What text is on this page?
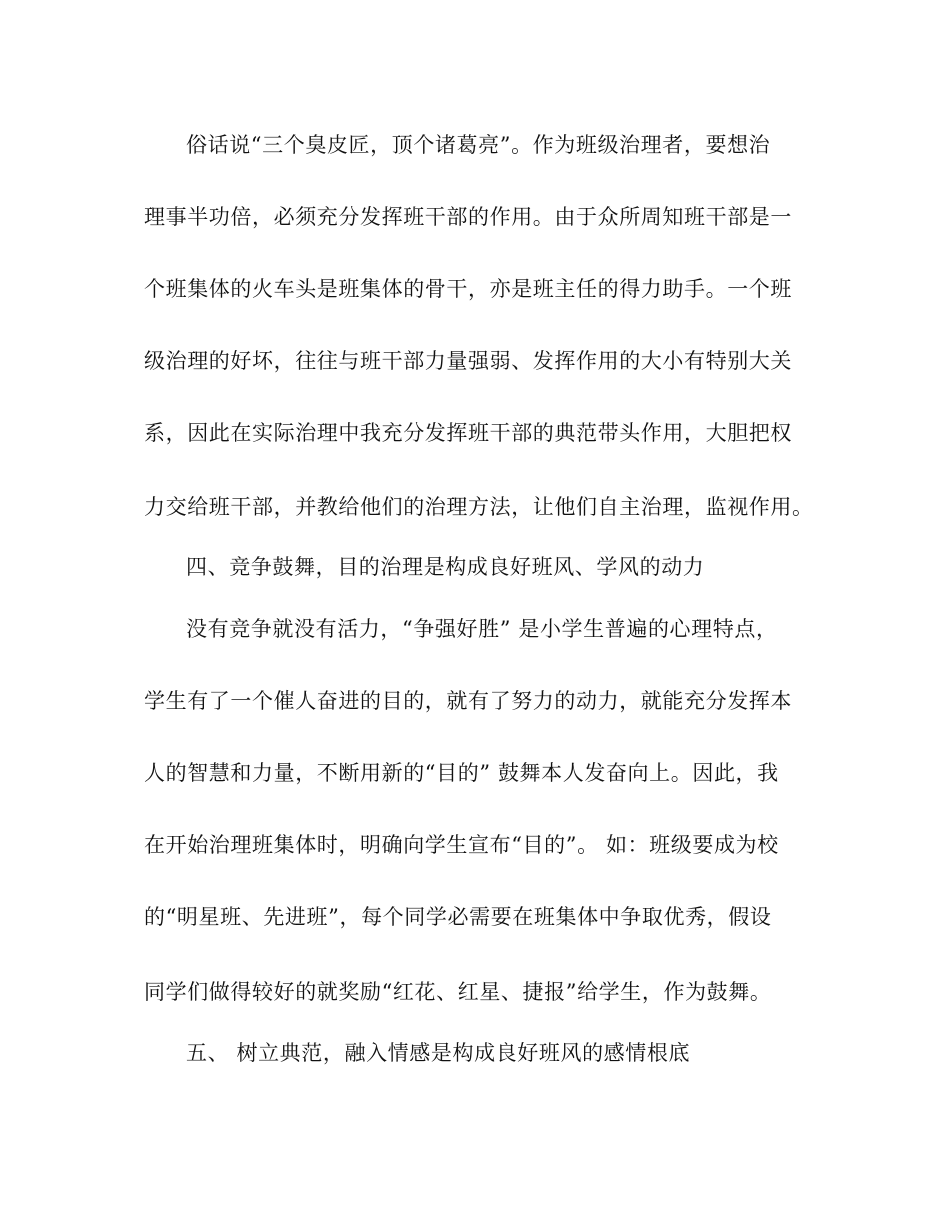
俗话说“三个臭皮匠，顶个诸葛亮”。作为班级治理者，要想治

理事半功倍，必须充分发挥班干部的作用。由于众所周知班干部是一

个班集体的火车头是班集体的骨干，亦是班主任的得力助手。一个班

级治理的好坏，往往与班干部力量强弱、发挥作用的大小有特别大关

系，因此在实际治理中我充分发挥班干部的典范带头作用，大胆把权

力交给班干部，并教给他们的治理方法，让他们自主治理，监视作用。

四、竞争鼓舞，目的治理是构成良好班风、学风的动力

没有竞争就没有活力，“争强好胜” 是小学生普遍的心理特点，

学生有了一个催人奋进的目的，就有了努力的动力，就能充分发挥本

人的智慧和力量，不断用新的“目的” 鼓舞本人发奋向上。因此，我

在开始治理班集体时，明确向学生宣布“目的”。 如：班级要成为校

的“明星班、先进班”，每个同学必需要在班集体中争取优秀，假设

同学们做得较好的就奖励“红花、红星、捷报”给学生，作为鼓舞。

五、 树立典范，融入情感是构成良好班风的感情根底
